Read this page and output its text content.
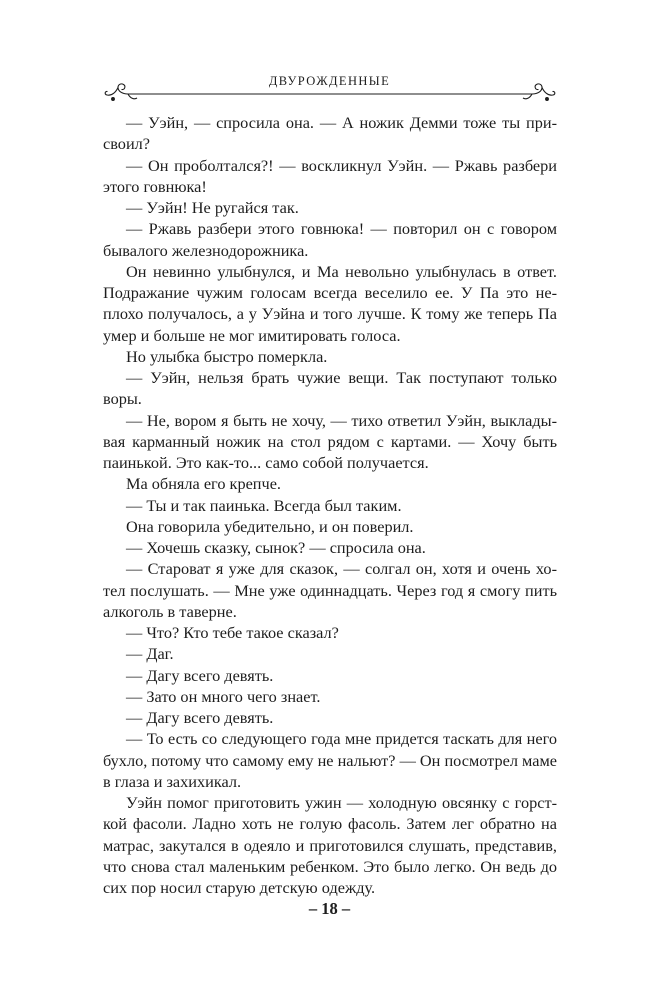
ДВУРОЖДЕННЫЕ

— Уэйн, — спросила она. — А ножик Демми тоже ты присвоил?

— Он проболтался?! — воскликнул Уэйн. — Ржавь разбери этого говнюка!

— Уэйн! Не ругайся так.

— Ржавь разбери этого говнюка! — повторил он с говором бывалого железнодорожника.

Он невинно улыбнулся, и Ма невольно улыбнулась в ответ. Подражание чужим голосам всегда веселило ее. У Па это неплохо получалось, а у Уэйна и того лучше. К тому же теперь Па умер и больше не мог имитировать голоса.

Но улыбка быстро померкла.

— Уэйн, нельзя брать чужие вещи. Так поступают только воры.

— Не, вором я быть не хочу, — тихо ответил Уэйн, выкладывая карманный ножик на стол рядом с картами. — Хочу быть паинькой. Это как-то... само собой получается.

Ма обняла его крепче.

— Ты и так паинька. Всегда был таким.

Она говорила убедительно, и он поверил.

— Хочешь сказку, сынок? — спросила она.

— Староват я уже для сказок, — солгал он, хотя и очень хотел послушать. — Мне уже одиннадцать. Через год я смогу пить алкоголь в таверне.

— Что? Кто тебе такое сказал?

— Даг.

— Дагу всего девять.

— Зато он много чего знает.

— Дагу всего девять.

— То есть со следующего года мне придется таскать для него бухло, потому что самому ему не нальют? — Он посмотрел маме в глаза и захихикал.

Уэйн помог приготовить ужин — холодную овсянку с горсткой фасоли. Ладно хоть не голую фасоль. Затем лег обратно на матрас, закутался в одеяло и приготовился слушать, представив, что снова стал маленьким ребенком. Это было легко. Он ведь до сих пор носил старую детскую одежду.

– 18 –
